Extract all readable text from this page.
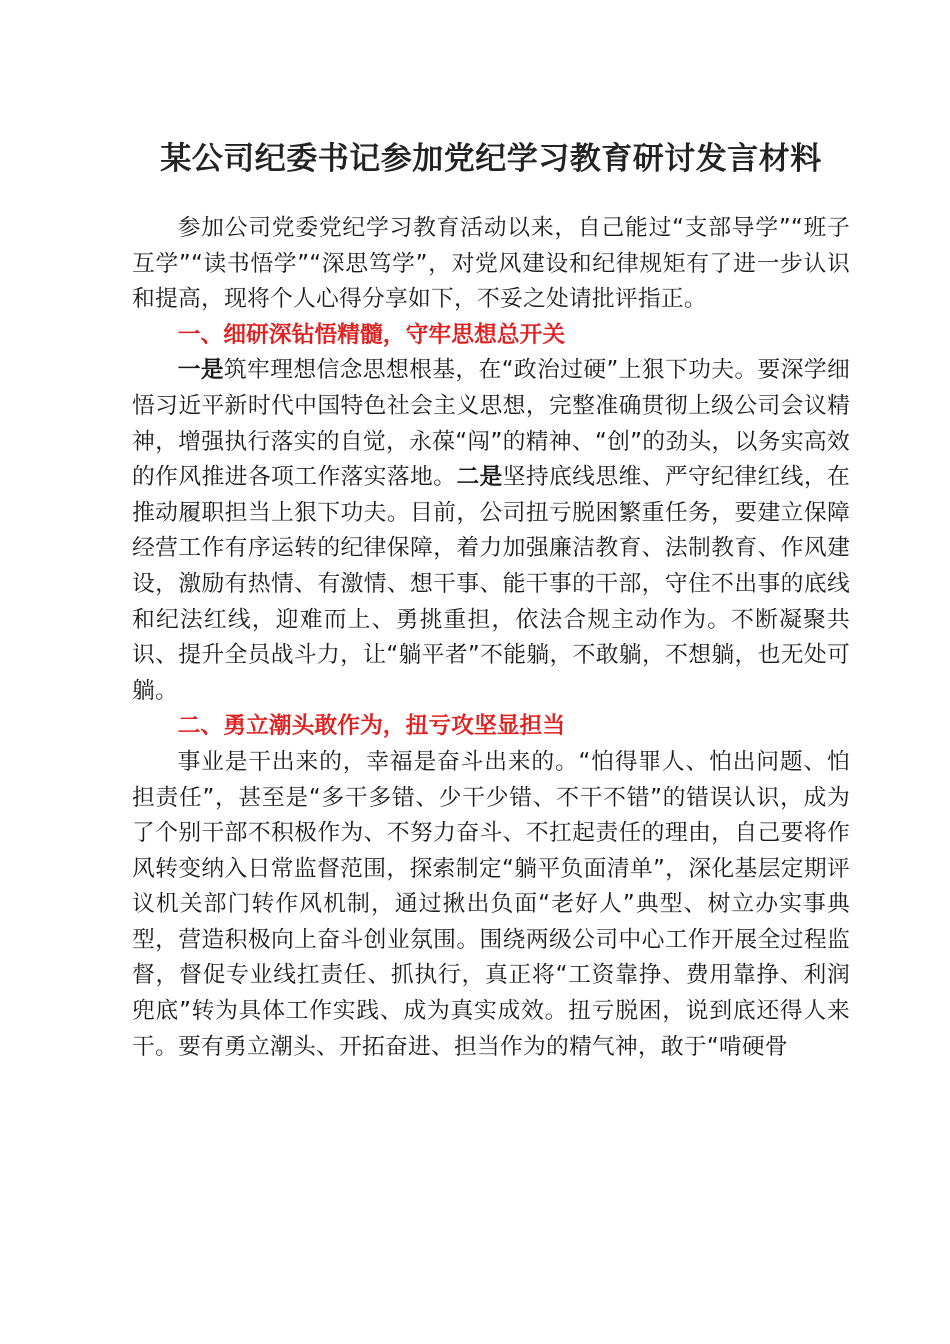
某公司纪委书记参加党纪学习教育研讨发言材料

参加公司党委党纪学习教育活动以来，自己能过“支部导学”“班子互学”“读书悟学”“深思笃学”，对党风建设和纪律规矩有了进一步认识和提高，现将个人心得分享如下，不妥之处请批评指正。

一、细研深钻悟精髓，守牢思想总开关

一是筑牢理想信念思想根基，在“政治过硬”上狠下功夫。要深学细悟习近平新时代中国特色社会主义思想，完整准确贯彻上级公司会议精神，增强执行落实的自觉，永葆“闯”的精神、“创”的劲头，以务实高效的作风推进各项工作落实落地。二是坚持底线思维、严守纪律红线，在推动履职担当上狠下功夫。目前，公司扭亏脱困繁重任务，要建立保障经营工作有序运转的纪律保障，着力加强廉洁教育、法制教育、作风建设，激励有热情、有激情、想干事、能干事的干部，守住不出事的底线和纪法红线，迎难而上、勇挑重担，依法合规主动作为。不断凝聚共识、提升全员战斗力，让“躺平者”不能躺，不敢躺，不想躺，也无处可躺。

二、勇立潮头敢作为，扭亏攻坚显担当

事业是干出来的，幸福是奋斗出来的。“怕得罪人、怕出问题、怕担责任”，甚至是“多干多错、少干少错、不干不错”的错误认识，成为了个别干部不积极作为、不努力奋斗、不扛起责任的理由，自己要将作风转变纳入日常监督范围，探索制定“躺平负面清单”，深化基层定期评议机关部门转作风机制，通过揪出负面“老好人”典型、树立办实事典型，营造积极向上奋斗创业氛围。围绕两级公司中心工作开展全过程监督，督促专业线扛责任、抓执行，真正将“工资靠挣、费用靠挣、利润兜底”转为具体工作实践、成为真实成效。扭亏脱困，说到底还得人来干。要有勇立潮头、开拓奋进、担当作为的精气神，敢于“啃硬骨
